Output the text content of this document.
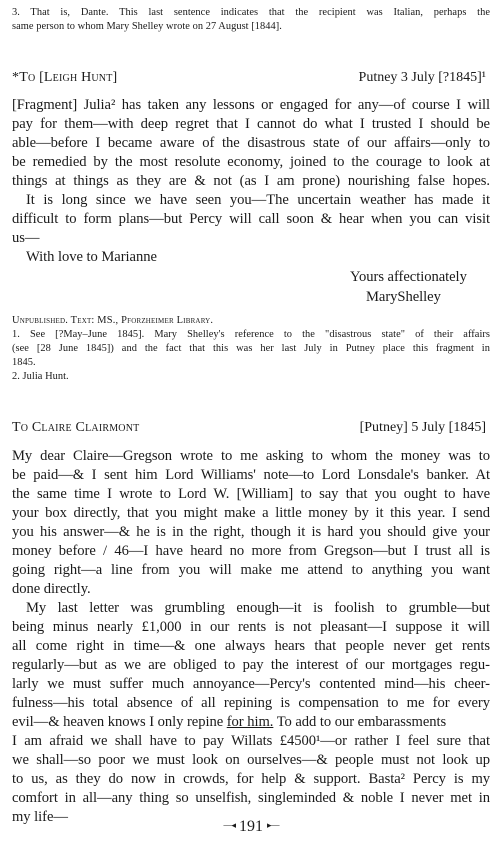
3. That is, Dante. This last sentence indicates that the recipient was Italian, perhaps the
same person to whom Mary Shelley wrote on 27 August [1844].
*To [Leigh Hunt]	Putney 3 July [?1845]¹
[Fragment] Julia² has taken any lessons or engaged for any—of course I will
pay for them—with deep regret that I cannot do what I trusted I should be
able—before I became aware of the disastrous state of our affairs—only to
be remedied by the most resolute economy, joined to the courage to look at
things at things as they are & not (as I am prone) nourishing false hopes.
It is long since we have seen you—The uncertain weather has made it
difficult to form plans—but Percy will call soon & hear when you can visit
us—
With love to Marianne
Yours affectionately
MaryShelley
Unpublished. Text: MS., Pforzheimer Library.
1. See [?May–June 1845]. Mary Shelley's reference to the "disastrous state" of their affairs
(see [28 June 1845]) and the fact that this was her last July in Putney place this fragment in
1845.
2. Julia Hunt.
To Claire Clairmont	[Putney] 5 July [1845]
My dear Claire—Gregson wrote to me asking to whom the money was to
be paid—& I sent him Lord Williams' note—to Lord Lonsdale's banker. At
the same time I wrote to Lord W. [William] to say that you ought to have
your box directly, that you might make a little money by it this year. I send
you his answer—& he is in the right, though it is hard you should give your
money before / 46—I have heard no more from Gregson—but I trust all is
going right—a line from you will make me attend to anything you want
done directly.
My last letter was grumbling enough—it is foolish to grumble—but
being minus nearly £1,000 in our rents is not pleasant—I suppose it will
all come right in time—& one always hears that people never get rents
regularly—but as we are obliged to pay the interest of our mortgages regu-
larly we must suffer much annoyance—Percy's contented mind—his cheer-
fulness—his total absence of all repining is compensation to me for every
evil—& heaven knows I only repine for him. To add to our embarassments
I am afraid we shall have to pay Willats £4500¹—or rather I feel sure that
we shall—so poor we must look on ourselves—& people must not look up
to us, as they do now in crowds, for help & support. Basta² Percy is my
comfort in all—any thing so unselfish, singleminded & noble I never met in
my life—	—◂ 191 ▸—
